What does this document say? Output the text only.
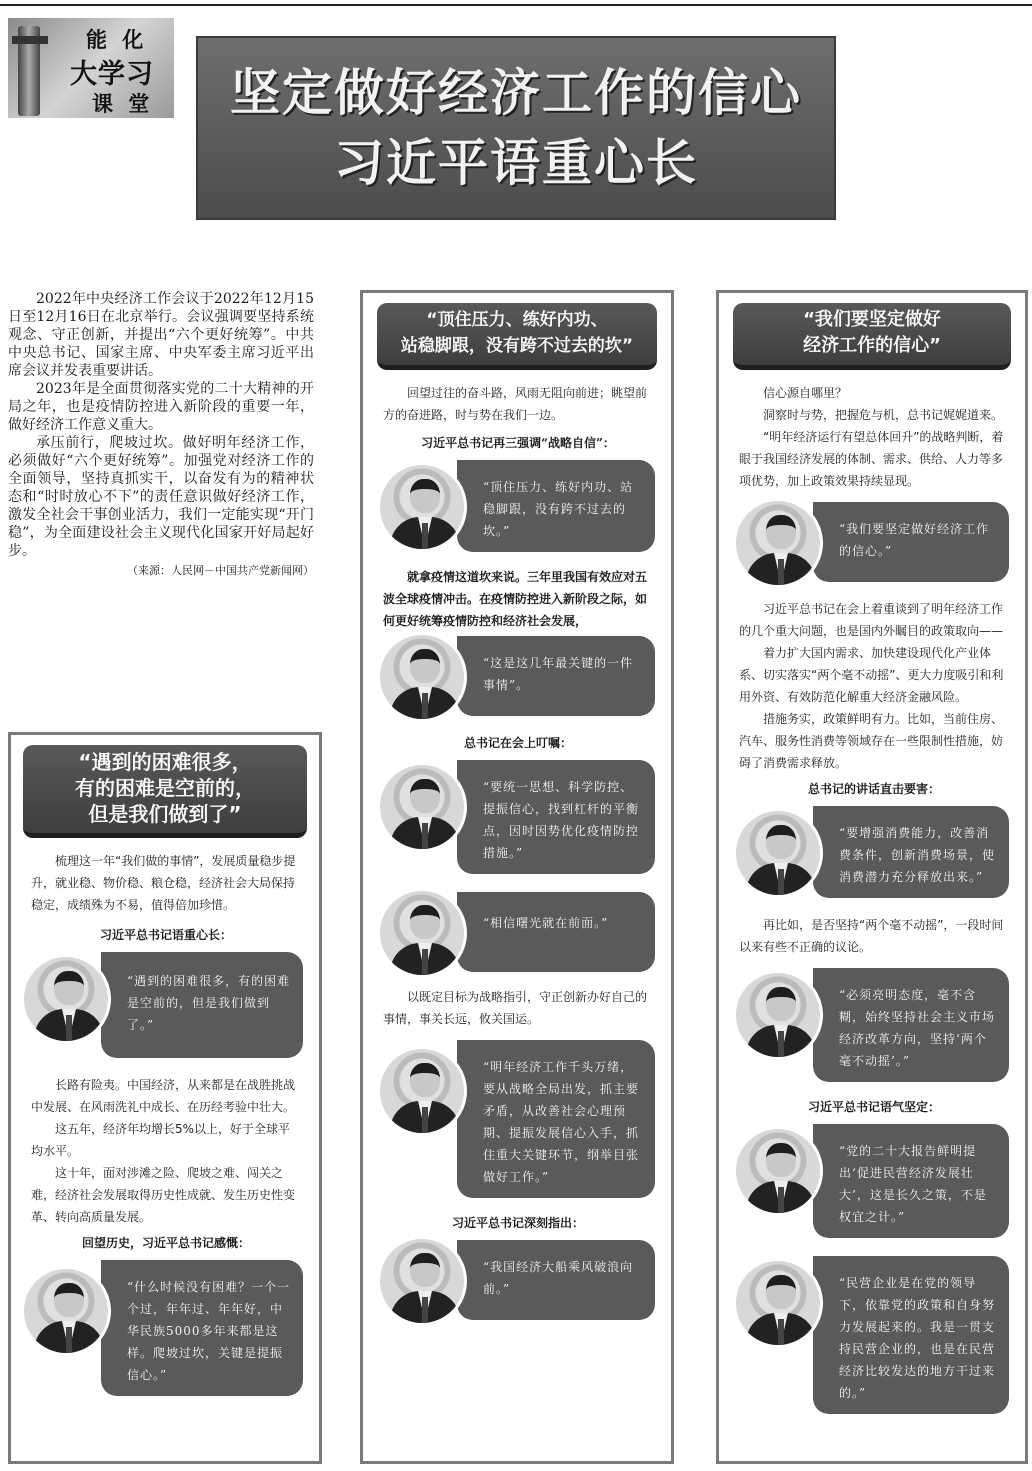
能 化
大学习
课 堂 坚定做好经济工作的信心
习近平语重心长

2022年中央经济工作会议于2022年12月15日至12月16日在北京举行。会议强调要坚持系统观念、守正创新，并提出“六个更好统筹”。中共中央总书记、国家主席、中央军委主席习近平出席会议并发表重要讲话。

2023年是全面贯彻落实党的二十大精神的开局之年，也是疫情防控进入新阶段的重要一年，做好经济工作意义重大。

承压前行，爬坡过坎。做好明年经济工作，必须做好“六个更好统筹”。加强党对经济工作的全面领导，坚持真抓实干，以奋发有为的精神状态和“时时放心不下”的责任意识做好经济工作，激发全社会干事创业活力，我们一定能实现“开门稳”，为全面建设社会主义现代化国家开好局起好步。

（来源：人民网－中国共产党新闻网）

“遇到的困难很多，
有的困难是空前的，
但是我们做到了”

梳理这一年“我们做的事情”，发展质量稳步提升，就业稳、物价稳、粮仓稳，经济社会大局保持稳定，成绩殊为不易，值得倍加珍惜。

习近平总书记语重心长：

“遇到的困难很多，有的困难是空前的，但是我们做到了。”

长路有险夷。中国经济，从来都是在战胜挑战中发展、在风雨洗礼中成长、在历经考验中壮大。

这五年，经济年均增长5%以上，好于全球平均水平。

这十年，面对涉滩之险、爬坡之难、闯关之难，经济社会发展取得历史性成就、发生历史性变革、转向高质量发展。

回望历史，习近平总书记感慨：

“什么时候没有困难？一个一个过，年年过、年年好，中华民族5000多年来都是这样。爬坡过坎，关键是提振信心。”
“顶住压力、练好内功、
站稳脚跟，没有跨不过去的坎”

回望过往的奋斗路，风雨无阻向前进；眺望前方的奋进路，时与势在我们一边。

习近平总书记再三强调“战略自信”：

“顶住压力、练好内功、站稳脚跟，没有跨不过去的坎。”

就拿疫情这道坎来说。三年里我国有效应对五波全球疫情冲击。在疫情防控进入新阶段之际，如何更好统筹疫情防控和经济社会发展，

“这是这几年最关键的一件事情”。

总书记在会上叮嘱：

“要统一思想、科学防控、提振信心，找到杠杆的平衡点，因时因势优化疫情防控措施。”
“相信曙光就在前面。”

以既定目标为战略指引，守正创新办好自己的事情，事关长远，攸关国运。

“明年经济工作千头万绪，要从战略全局出发，抓主要矛盾，从改善社会心理预期、提振发展信心入手，抓住重大关键环节，纲举目张做好工作。”

习近平总书记深刻指出：

“我国经济大船乘风破浪向前。”
“我们要坚定做好
经济工作的信心”

信心源自哪里？

洞察时与势，把握危与机，总书记娓娓道来。

“明年经济运行有望总体回升”的战略判断，着眼于我国经济发展的体制、需求、供给、人力等多项优势，加上政策效果持续显现。

“我们要坚定做好经济工作的信心。”

习近平总书记在会上着重谈到了明年经济工作的几个重大问题，也是国内外瞩目的政策取向——

着力扩大国内需求、加快建设现代化产业体系、切实落实“两个毫不动摇”、更大力度吸引和利用外资、有效防范化解重大经济金融风险。

措施务实，政策鲜明有力。比如，当前住房、汽车、服务性消费等领域存在一些限制性措施，妨碍了消费需求释放。

总书记的讲话直击要害：

“要增强消费能力，改善消费条件，创新消费场景，使消费潜力充分释放出来。”

再比如，是否坚持“两个毫不动摇”，一段时间以来有些不正确的议论。

“必须亮明态度，毫不含糊，始终坚持社会主义市场经济改革方向，坚持‘两个毫不动摇’。”

习近平总书记语气坚定：

“党的二十大报告鲜明提出‘促进民营经济发展壮大’，这是长久之策，不是权宜之计。”
“民营企业是在党的领导下，依靠党的政策和自身努力发展起来的。我是一贯支持民营企业的，也是在民营经济比较发达的地方干过来的。”
